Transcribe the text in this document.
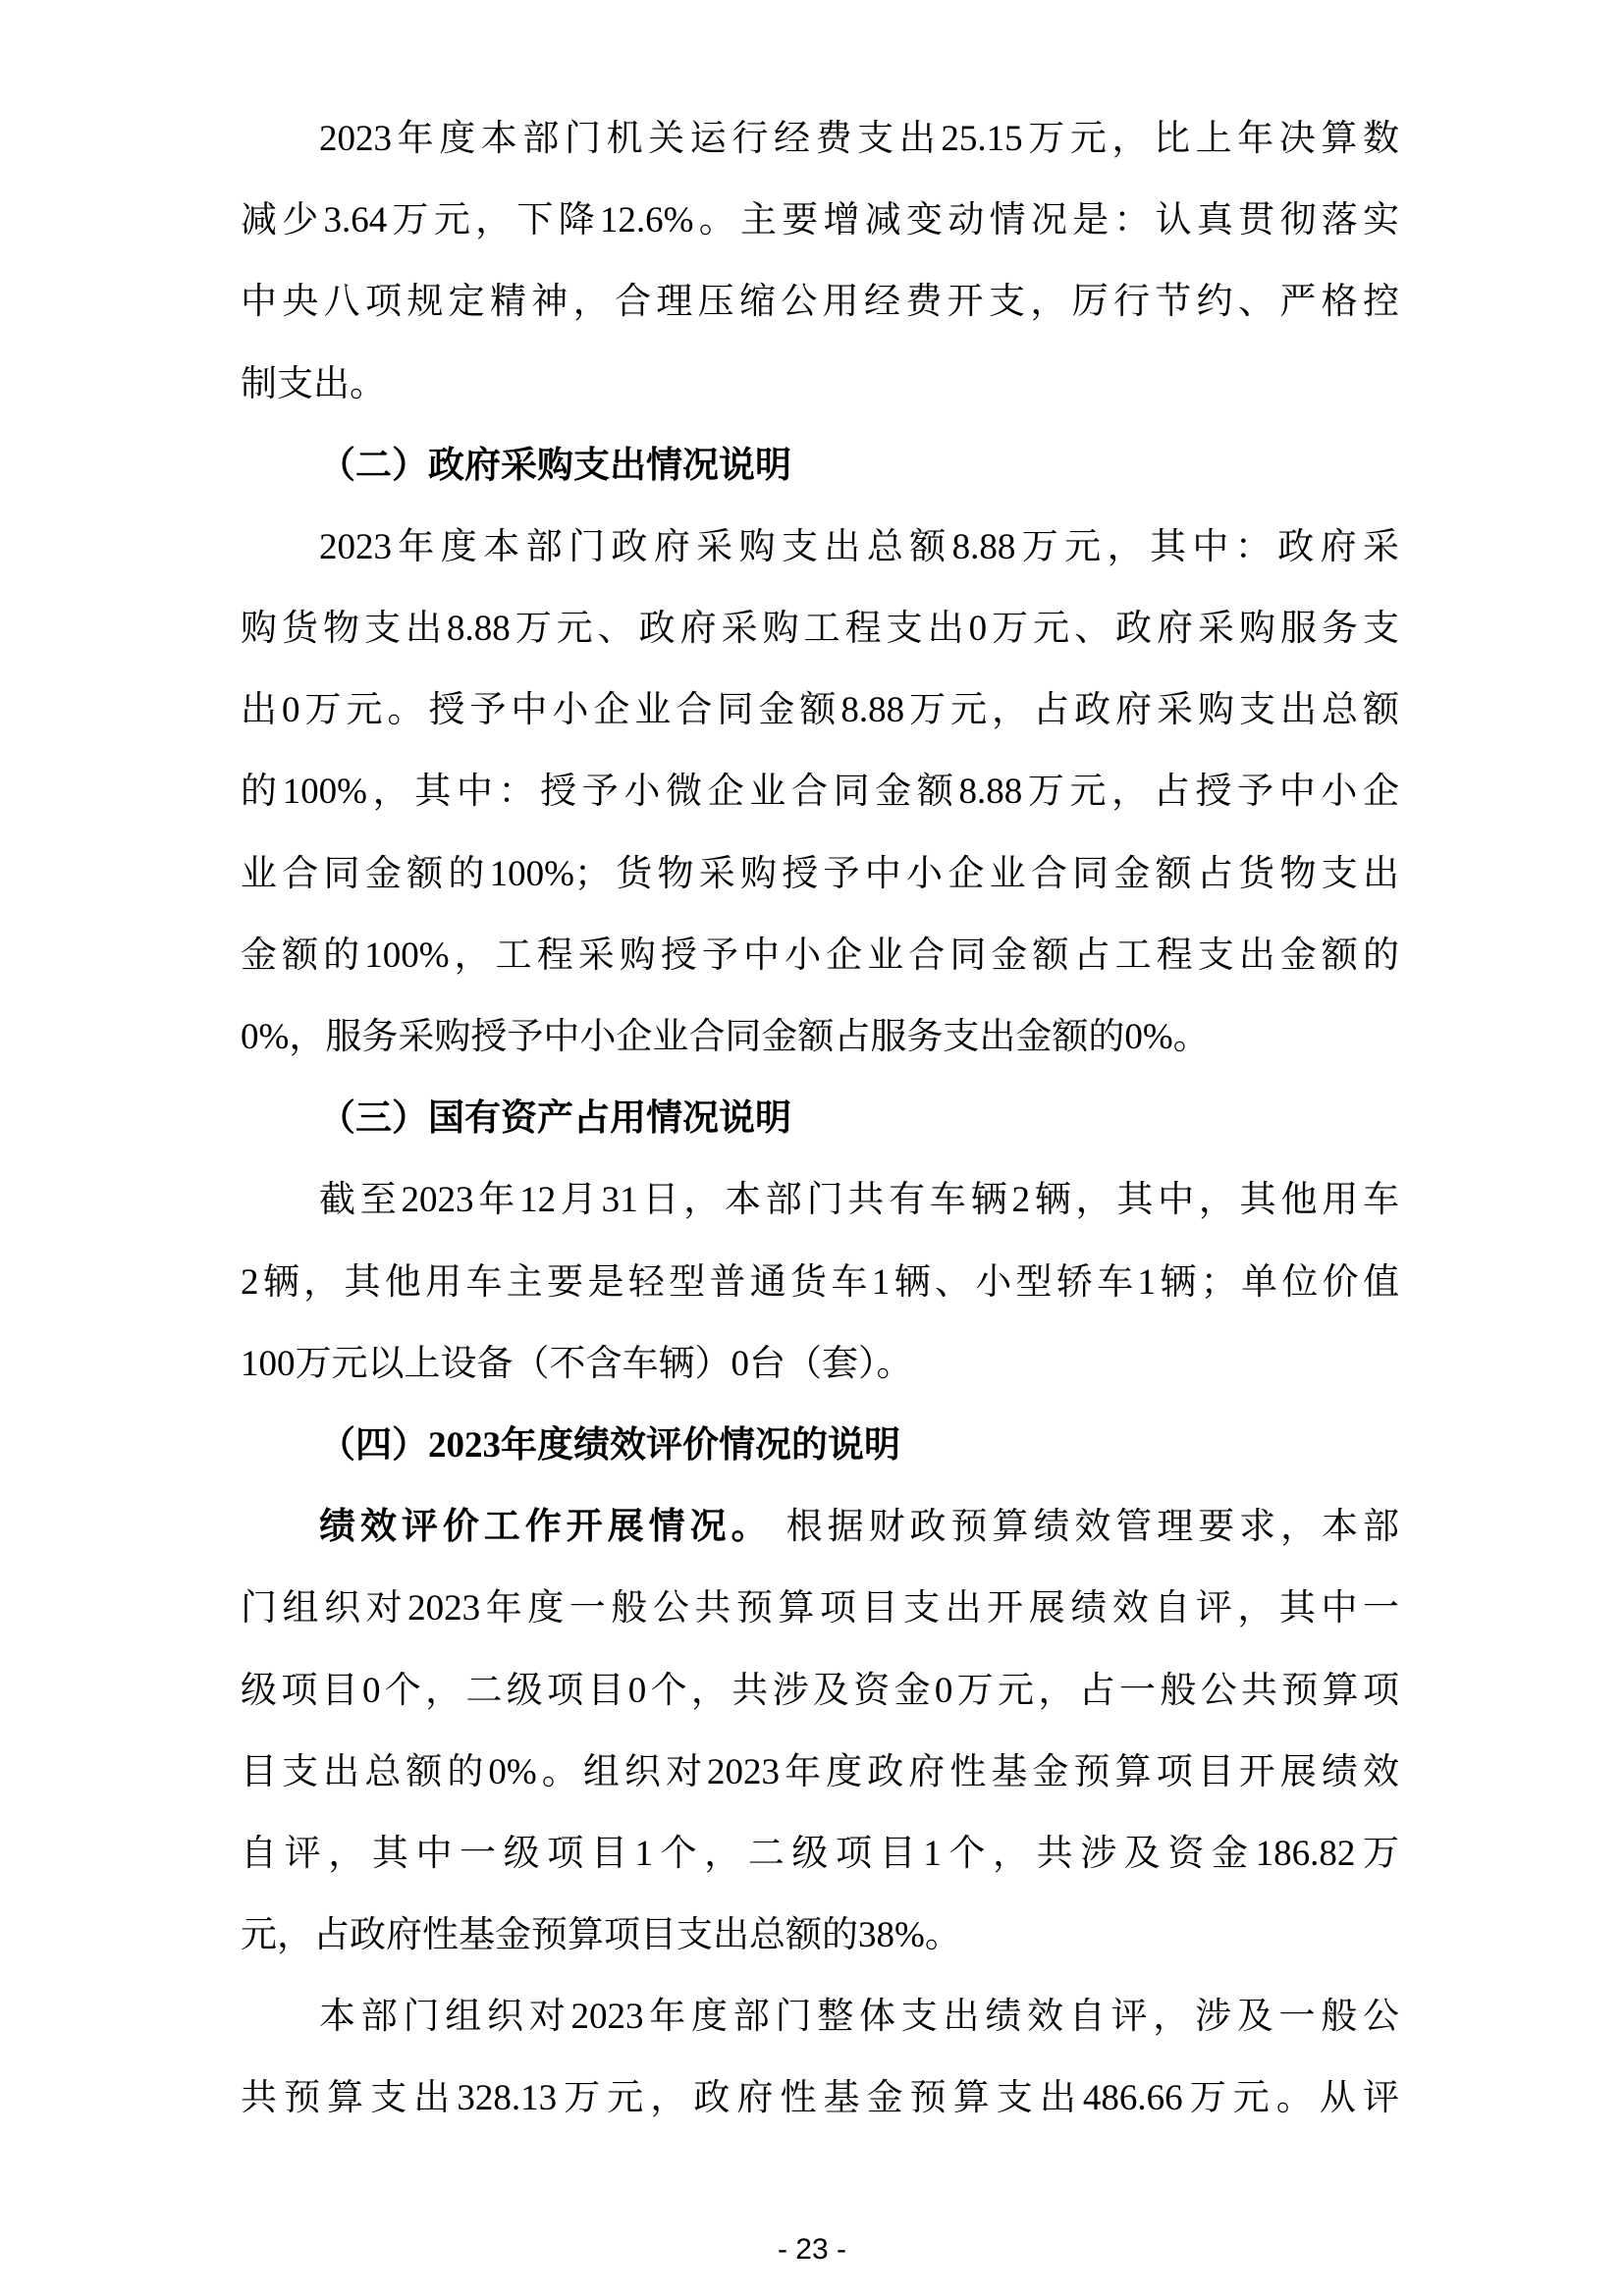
2023年度本部门机关运行经费支出25.15万元，比上年决算数
减少3.64万元，下降12.6%。主要增减变动情况是：认真贯彻落实
中央八项规定精神，合理压缩公用经费开支，厉行节约、严格控
制支出。
（二）政府采购支出情况说明
2023年度本部门政府采购支出总额8.88万元，其中：政府采
购货物支出8.88万元、政府采购工程支出0万元、政府采购服务支
出0万元。授予中小企业合同金额8.88万元，占政府采购支出总额
的100%，其中：授予小微企业合同金额8.88万元，占授予中小企
业合同金额的100%；货物采购授予中小企业合同金额占货物支出
金额的100%，工程采购授予中小企业合同金额占工程支出金额的
0%，服务采购授予中小企业合同金额占服务支出金额的0%。
（三）国有资产占用情况说明
截至2023年12月31日，本部门共有车辆2辆，其中，其他用车
2辆，其他用车主要是轻型普通货车1辆、小型轿车1辆；单位价值
100万元以上设备（不含车辆）0台（套）。
（四）2023年度绩效评价情况的说明
绩效评价工作开展情况。 根据财政预算绩效管理要求，本部
门组织对2023年度一般公共预算项目支出开展绩效自评，其中一
级项目0个，二级项目0个，共涉及资金0万元，占一般公共预算项
目支出总额的0%。组织对2023年度政府性基金预算项目开展绩效
自评，其中一级项目1个，二级项目1个，共涉及资金186.82万
元，占政府性基金预算项目支出总额的38%。
本部门组织对2023年度部门整体支出绩效自评，涉及一般公
共预算支出328.13万元，政府性基金预算支出486.66万元。从评
- 23 -
